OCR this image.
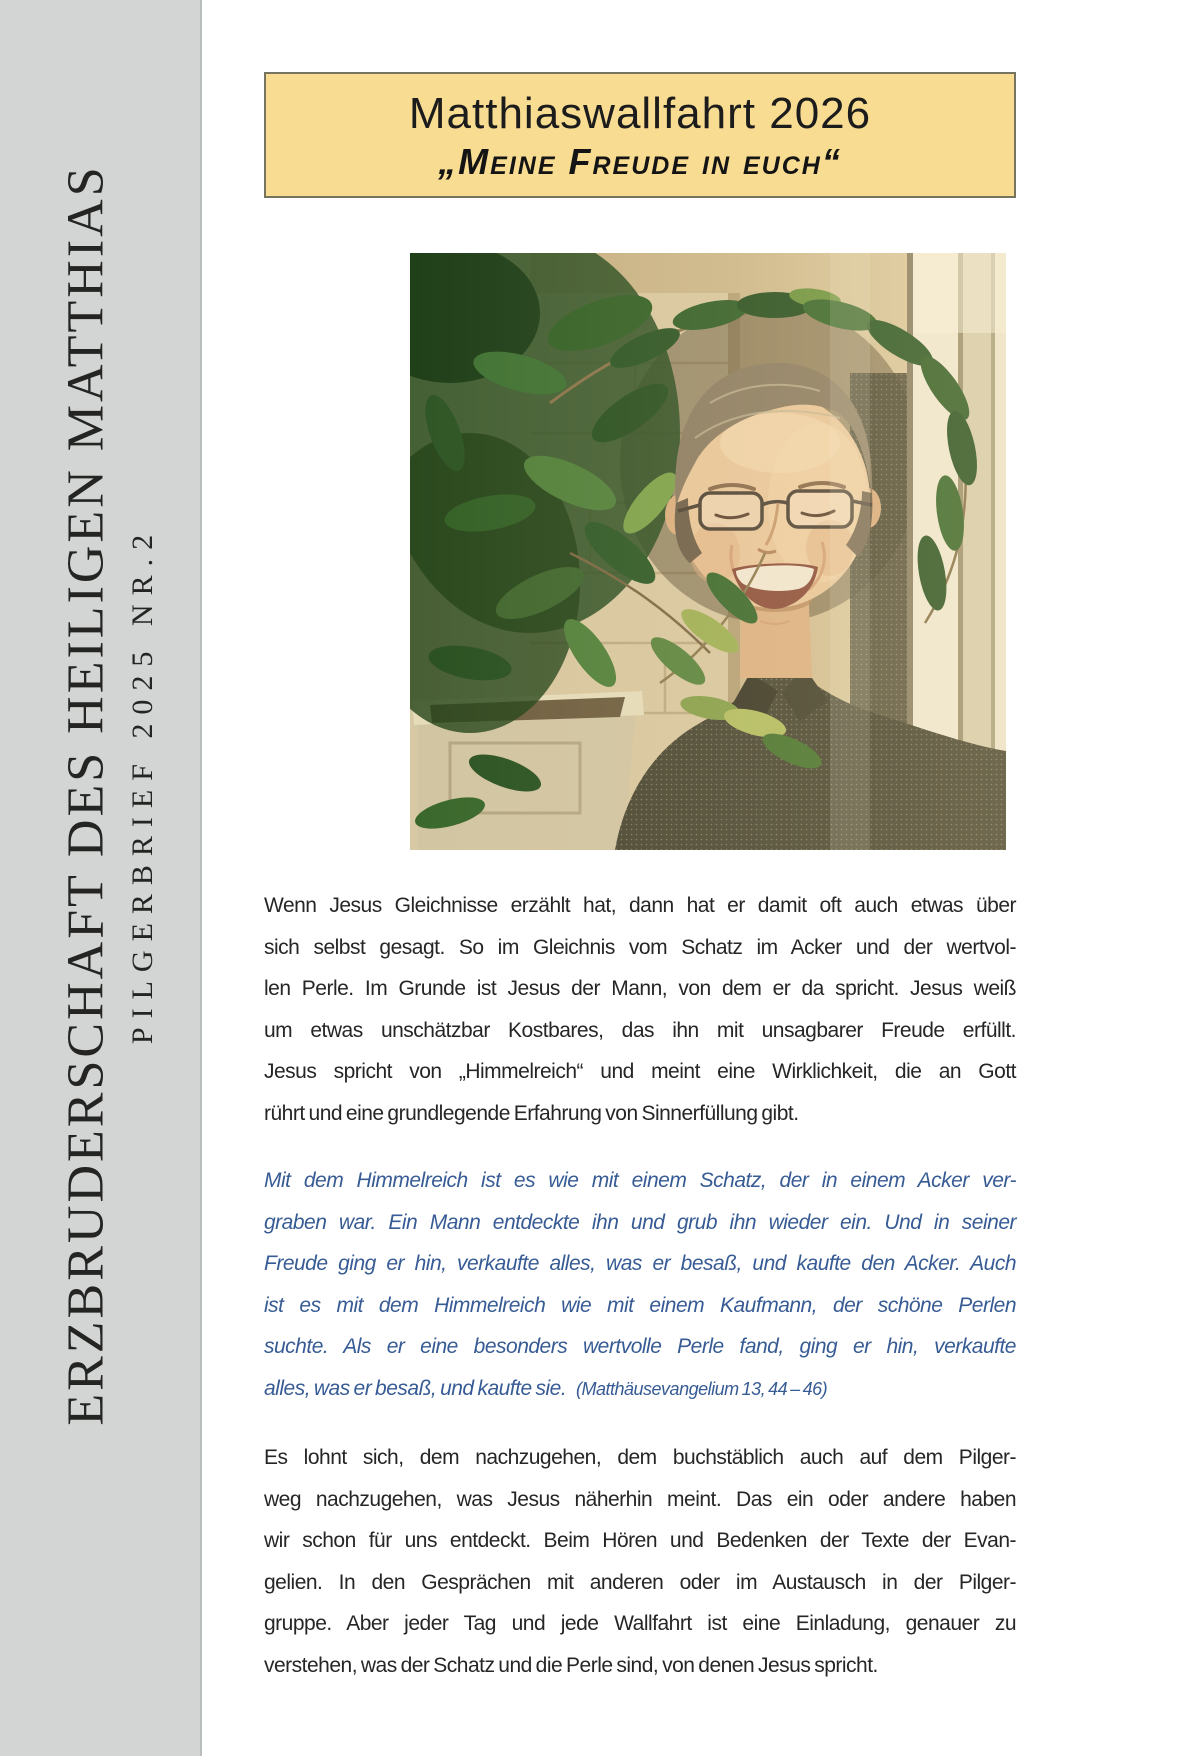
ERZBRUDERSCHAFT DES HEILIGEN MATTHIAS PILGERBRIEF 2025 NR.2
Matthiaswallfahrt 2026
„Meine Freude in euch“
Wenn Jesus Gleichnisse erzählt hat, dann hat er damit oft auch etwas über
sich selbst gesagt. So im Gleichnis vom Schatz im Acker und der wertvol-
len Perle. Im Grunde ist Jesus der Mann, von dem er da spricht. Jesus weiß
um etwas unschätzbar Kostbares, das ihn mit unsagbarer Freude erfüllt.
Jesus spricht von „Himmelreich“ und meint eine Wirklichkeit, die an Gott
rührt und eine grundlegende Erfahrung von Sinnerfüllung gibt.
Mit dem Himmelreich ist es wie mit einem Schatz, der in einem Acker ver-
graben war. Ein Mann entdeckte ihn und grub ihn wieder ein. Und in seiner
Freude ging er hin, verkaufte alles, was er besaß, und kaufte den Acker. Auch
ist es mit dem Himmelreich wie mit einem Kaufmann, der schöne Perlen
suchte. Als er eine besonders wertvolle Perle fand, ging er hin, verkaufte
alles, was er besaß, und kaufte sie. (Matthäusevangelium 13, 44 – 46)
Es lohnt sich, dem nachzugehen, dem buchstäblich auch auf dem Pilger-
weg nachzugehen, was Jesus näherhin meint. Das ein oder andere haben
wir schon für uns entdeckt. Beim Hören und Bedenken der Texte der Evan-
gelien. In den Gesprächen mit anderen oder im Austausch in der Pilger-
gruppe. Aber jeder Tag und jede Wallfahrt ist eine Einladung, genauer zu
verstehen, was der Schatz und die Perle sind, von denen Jesus spricht.
